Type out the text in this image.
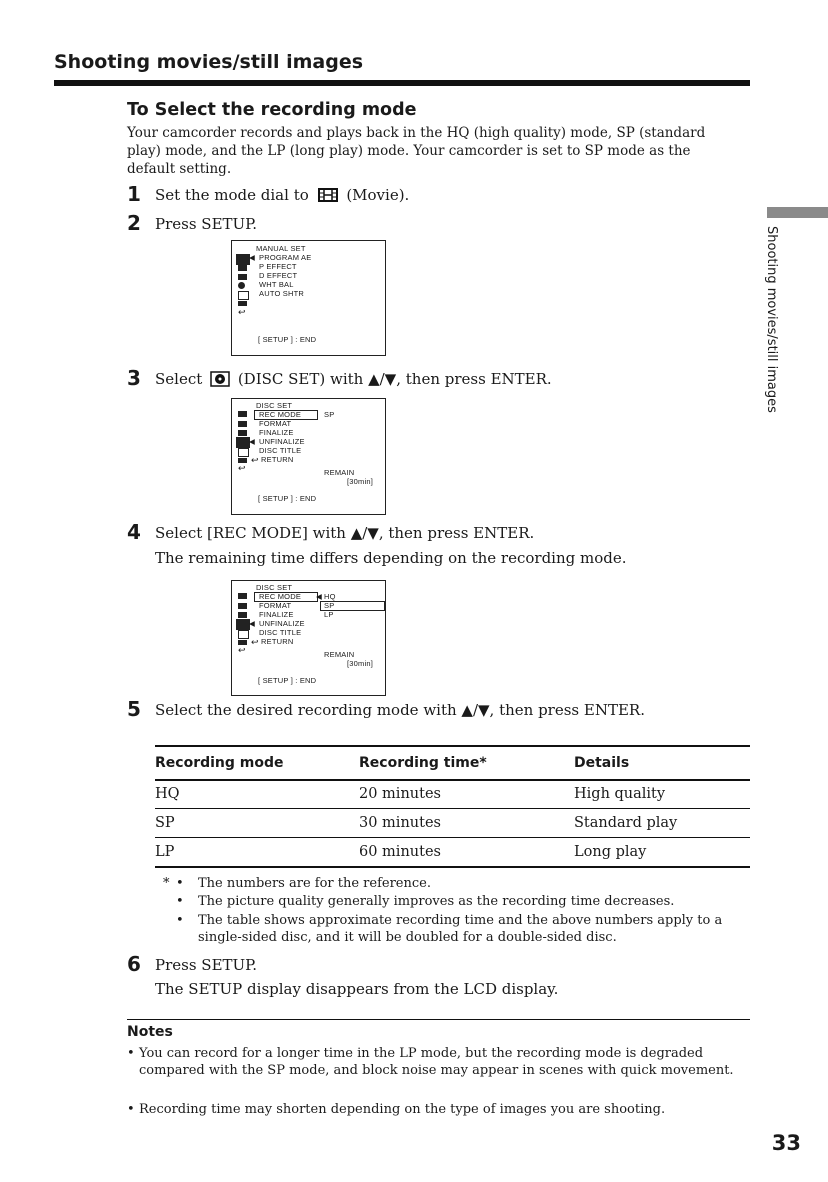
Shooting movies/still images
Shooting movies/still images
To Select the recording mode
Your camcorder records and plays back in the HQ (high quality) mode, SP (standard play) mode, and the LP (long play) mode. Your camcorder is set to SP mode as the default setting.
1 Set the mode dial to	(Movie).
2 Press SETUP.
MANUAL SET
◀ PROGRAM AE
P EFFECT
D EFFECT
WHT BAL
AUTO SHTR
↩
[ SETUP ] : END
3 Select (DISC SET) with ▲/▼, then press ENTER.
DISC SET
REC MODE	SP
FORMAT
FINALIZE
◀ UNFINALIZE
DISC TITLE
↩ RETURN
↩	REMAIN
[30min]
[ SETUP ] : END
4 Select [REC MODE] with ▲/▼, then press ENTER.
The remaining time differs depending on the recording mode.
DISC SET
REC MODE ◀ HQ
SP
LP
FORMAT
FINALIZE
◀ UNFINALIZE
DISC TITLE
↩ RETURN
↩	REMAIN
[30min]
[ SETUP ] : END
5 Select the desired recording mode with ▲/▼, then press ENTER.
Recording mode	Recording time*	Details
HQ	20 minutes	High quality
SP	30 minutes	Standard play
LP	60 minutes	Long play
* • The numbers are for the reference.
• The picture quality generally improves as the recording time decreases.
• The table shows approximate recording time and the above numbers apply to a single-sided disc, and it will be doubled for a double-sided disc.
6 Press SETUP.
The SETUP display disappears from the LCD display.
Notes
• You can record for a longer time in the LP mode, but the recording mode is degraded compared with the SP mode, and block noise may appear in scenes with quick movement.
• Recording time may shorten depending on the type of images you are shooting.
33
